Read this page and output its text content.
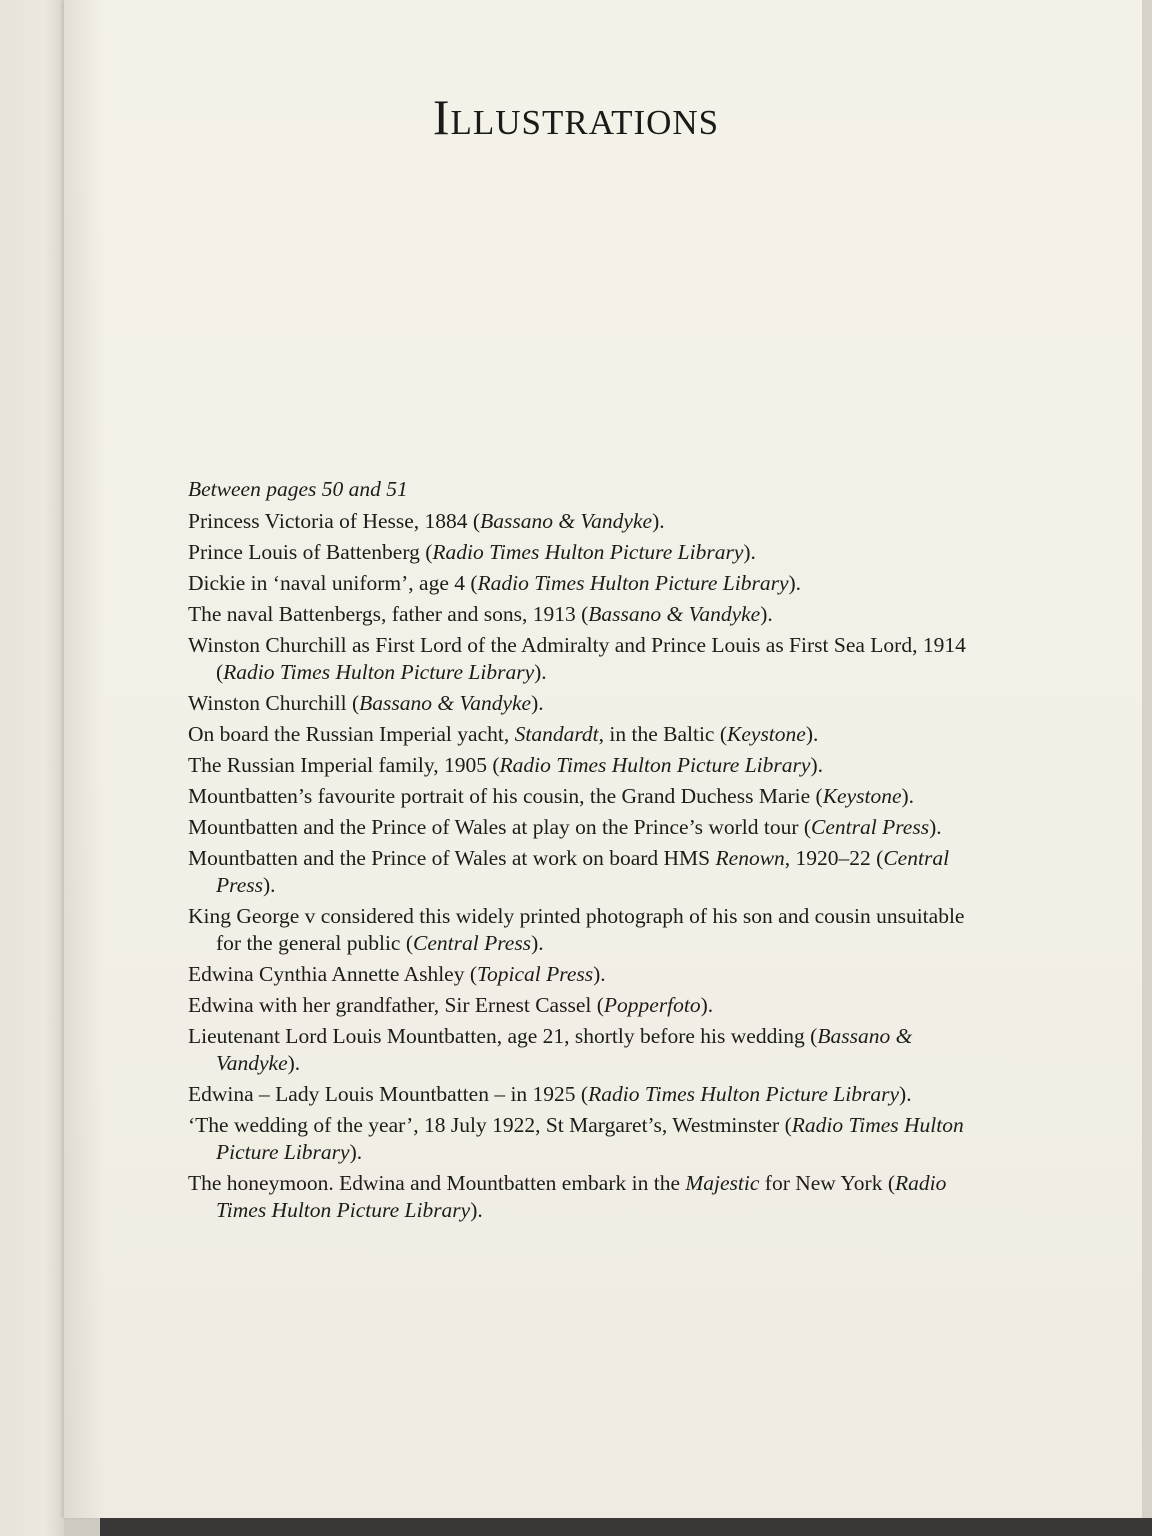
Illustrations
Between pages 50 and 51
Princess Victoria of Hesse, 1884 (Bassano & Vandyke).
Prince Louis of Battenberg (Radio Times Hulton Picture Library).
Dickie in ‘naval uniform’, age 4 (Radio Times Hulton Picture Library).
The naval Battenbergs, father and sons, 1913 (Bassano & Vandyke).
Winston Churchill as First Lord of the Admiralty and Prince Louis as First Sea Lord, 1914 (Radio Times Hulton Picture Library).
Winston Churchill (Bassano & Vandyke).
On board the Russian Imperial yacht, Standardt, in the Baltic (Keystone).
The Russian Imperial family, 1905 (Radio Times Hulton Picture Library).
Mountbatten’s favourite portrait of his cousin, the Grand Duchess Marie (Keystone).
Mountbatten and the Prince of Wales at play on the Prince’s world tour (Central Press).
Mountbatten and the Prince of Wales at work on board HMS Renown, 1920–22 (Central Press).
King George v considered this widely printed photograph of his son and cousin unsuitable for the general public (Central Press).
Edwina Cynthia Annette Ashley (Topical Press).
Edwina with her grandfather, Sir Ernest Cassel (Popperfoto).
Lieutenant Lord Louis Mountbatten, age 21, shortly before his wedding (Bassano & Vandyke).
Edwina – Lady Louis Mountbatten – in 1925 (Radio Times Hulton Picture Library).
‘The wedding of the year’, 18 July 1922, St Margaret’s, Westminster (Radio Times Hulton Picture Library).
The honeymoon. Edwina and Mountbatten embark in the Majestic for New York (Radio Times Hulton Picture Library).
